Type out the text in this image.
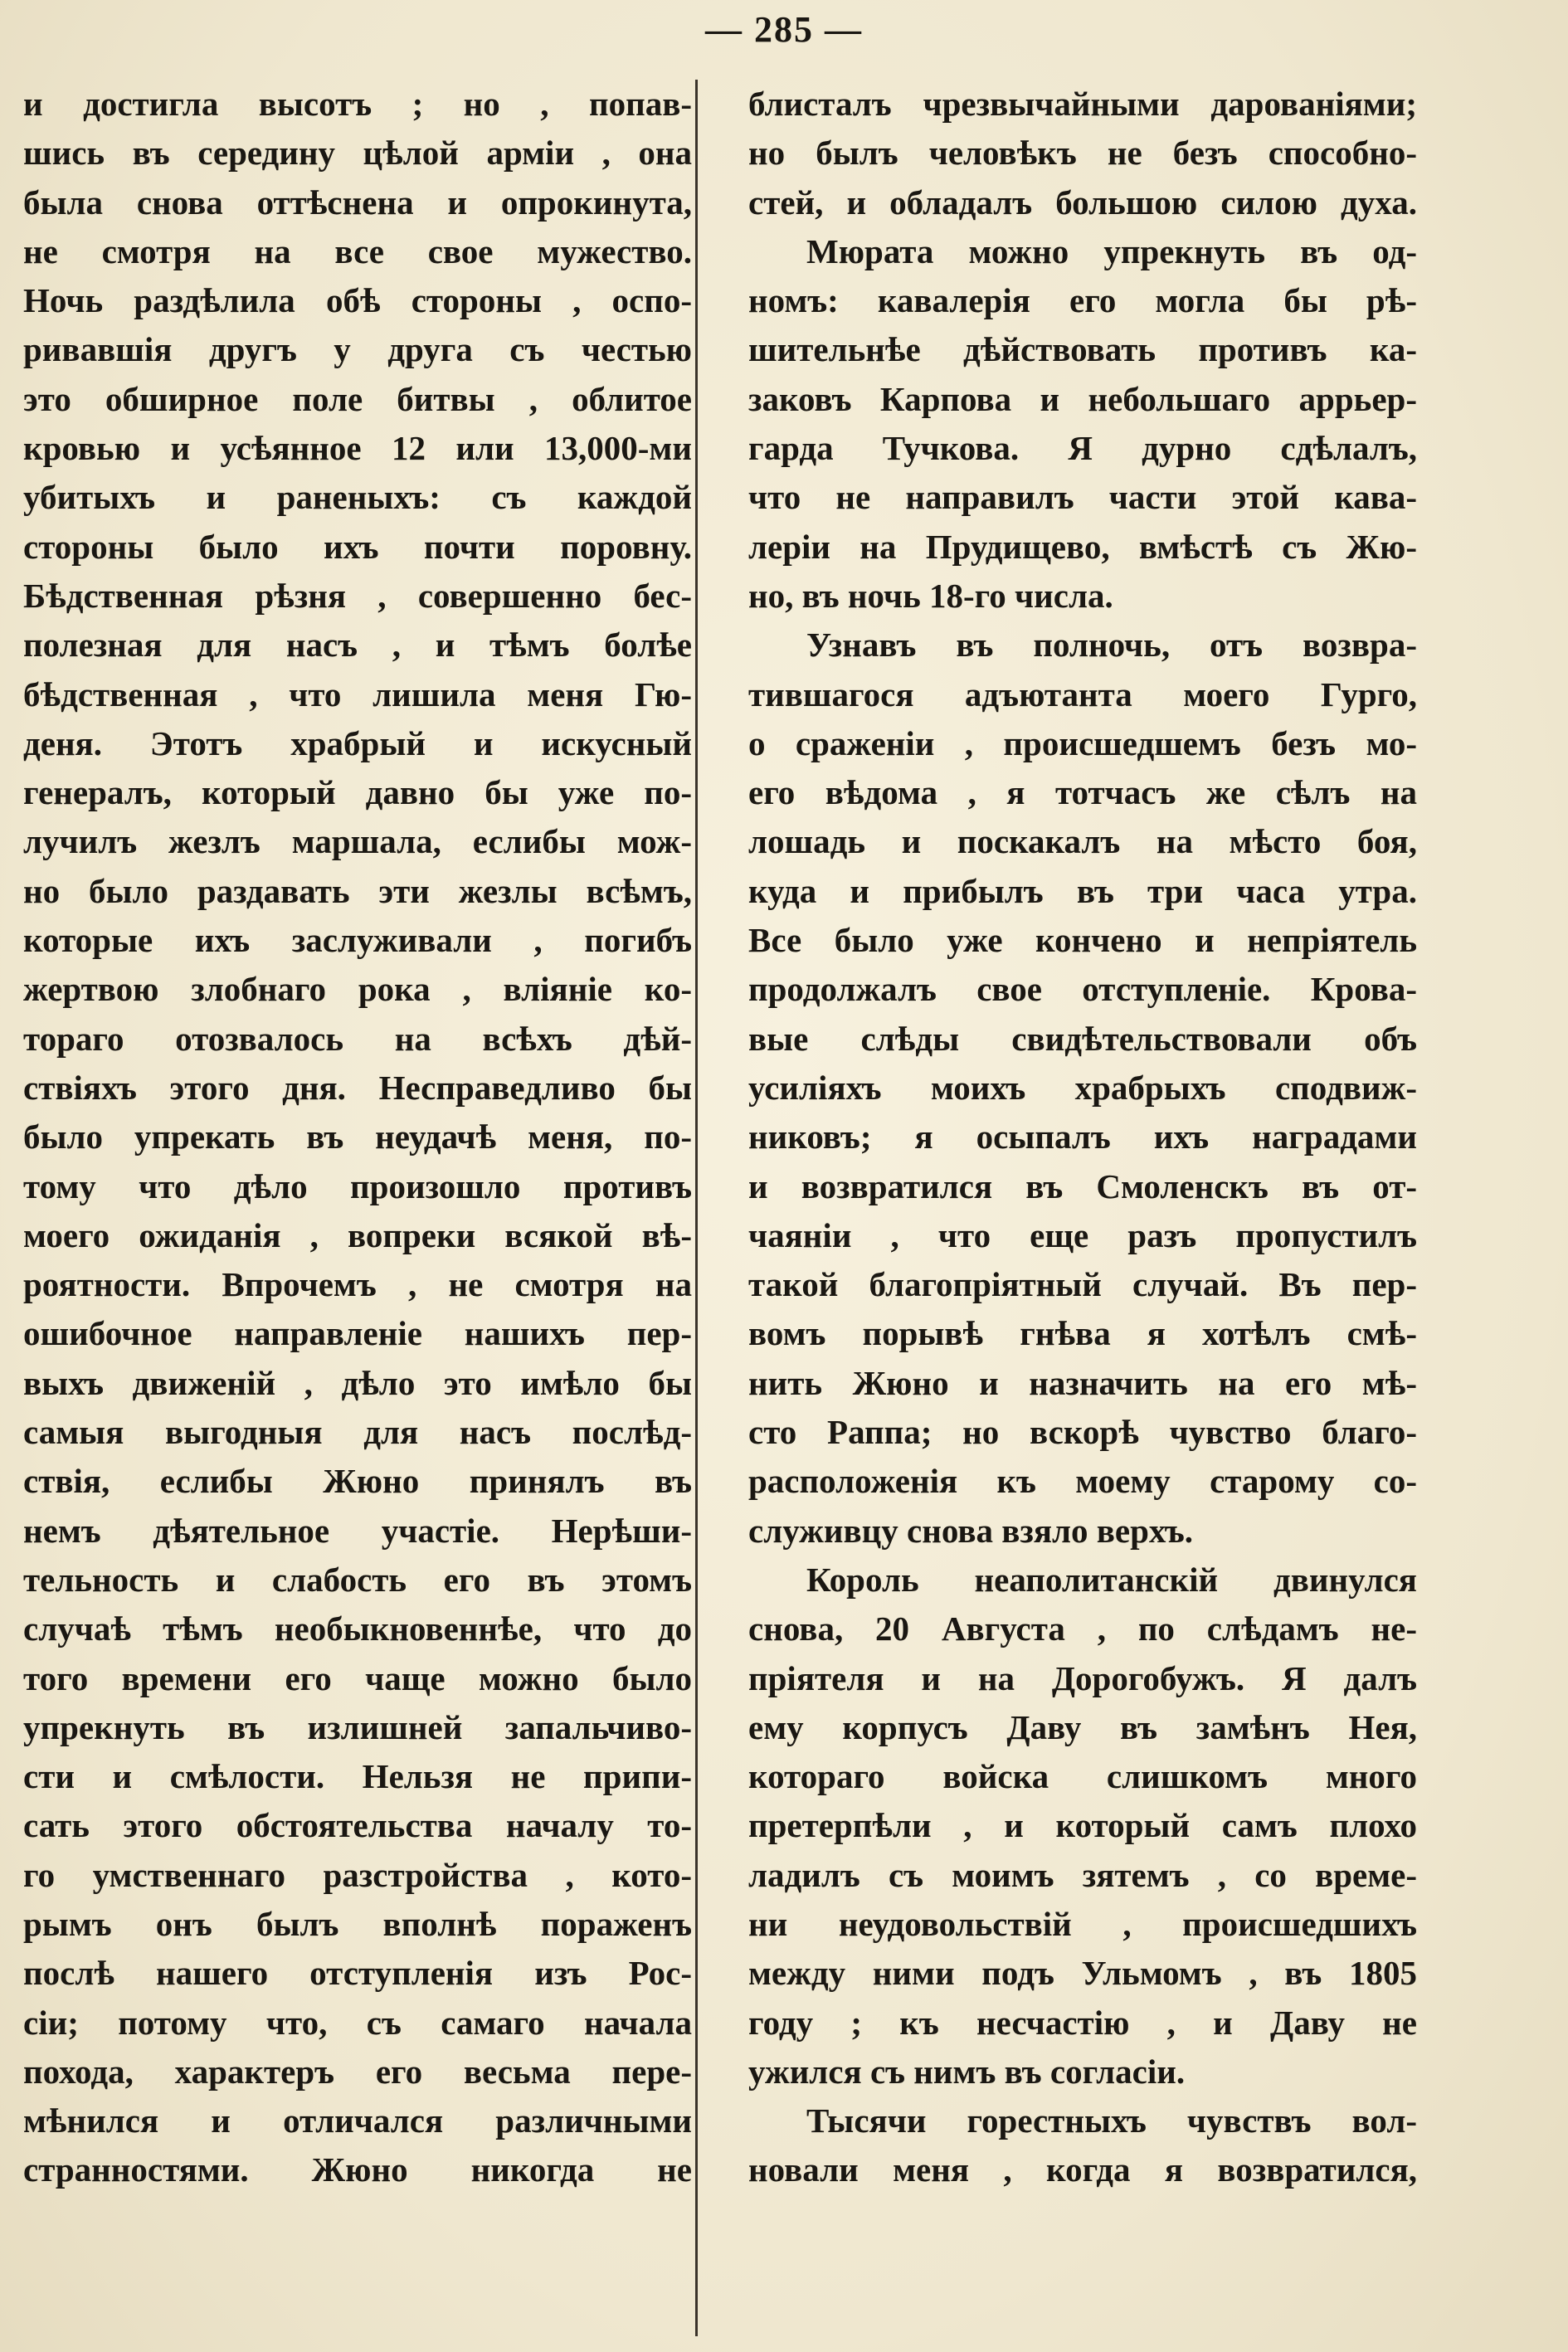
— 285 —
и достигла высотъ ; но , попав-
шись въ середину цѣлой арміи , она
была снова оттѣснена и опрокинута,
не смотря на все свое мужество.
Ночь раздѣлила обѣ стороны , оспо-
ривавшія другъ у друга съ честью
это обширное поле битвы , облитое
кровью и усѣянное 12 или 13,000-ми
убитыхъ и раненыхъ: съ каждой
стороны было ихъ почти поровну.
Бѣдственная рѣзня , совершенно бес-
полезная для насъ , и тѣмъ болѣе
бѣдственная , что лишила меня Гю-
деня. Этотъ храбрый и искусный
генералъ, который давно бы уже по-
лучилъ жезлъ маршала, еслибы мож-
но было раздавать эти жезлы всѣмъ,
которые ихъ заслуживали , погибъ
жертвою злобнаго рока , вліяніе ко-
тораго отозвалось на всѣхъ дѣй-
ствіяхъ этого дня. Несправедливо бы
было упрекать въ неудачѣ меня, по-
тому что дѣло произошло противъ
моего ожиданія , вопреки всякой вѣ-
роятности. Впрочемъ , не смотря на
ошибочное направленіе нашихъ пер-
выхъ движеній , дѣло это имѣло бы
самыя выгодныя для насъ послѣд-
ствія, еслибы Жюно принялъ въ
немъ дѣятельное участіе. Нерѣши-
тельность и слабость его въ этомъ
случаѣ тѣмъ необыкновеннѣе, что до
того времени его чаще можно было
упрекнуть въ излишней запальчиво-
сти и смѣлости. Нельзя не припи-
сать этого обстоятельства началу то-
го умственнаго разстройства , кото-
рымъ онъ былъ вполнѣ пораженъ
послѣ нашего отступленія изъ Рос-
сіи; потому что, съ самаго начала
похода, характеръ его весьма пере-
мѣнился и отличался различными
странностями. Жюно никогда не
блисталъ чрезвычайными дарованіями;
но былъ человѣкъ не безъ способно-
стей, и обладалъ большою силою духа.
Мюрата можно упрекнуть въ од-
номъ: кавалерія его могла бы рѣ-
шительнѣе дѣйствовать противъ ка-
заковъ Карпова и небольшаго аррьер-
гарда Тучкова. Я дурно сдѣлалъ,
что не направилъ части этой кава-
леріи на Прудищево, вмѣстѣ съ Жю-
но, въ ночь 18-го числа.
Узнавъ въ полночь, отъ возвра-
тившагося адъютанта моего Гурго,
о сраженіи , происшедшемъ безъ мо-
его вѣдома , я тотчасъ же сѣлъ на
лошадь и поскакалъ на мѣсто боя,
куда и прибылъ въ три часа утра.
Все было уже кончено и непріятель
продолжалъ свое отступленіе. Крова-
вые слѣды свидѣтельствовали объ
усиліяхъ моихъ храбрыхъ сподвиж-
никовъ; я осыпалъ ихъ наградами
и возвратился въ Смоленскъ въ от-
чаяніи , что еще разъ пропустилъ
такой благопріятный случай. Въ пер-
вомъ порывѣ гнѣва я хотѣлъ смѣ-
нить Жюно и назначить на его мѣ-
сто Раппа; но вскорѣ чувство благо-
расположенія къ моему старому со-
служивцу снова взяло верхъ.
Король неаполитанскій двинулся
снова, 20 Августа , по слѣдамъ не-
пріятеля и на Дорогобужъ. Я далъ
ему корпусъ Даву въ замѣнъ Нея,
котораго войска слишкомъ много
претерпѣли , и который самъ плохо
ладилъ съ моимъ зятемъ , со време-
ни неудовольствій , происшедшихъ
между ними подъ Ульмомъ , въ 1805
году ; къ несчастію , и Даву не
ужился съ нимъ въ согласіи.
Тысячи горестныхъ чувствъ вол-
новали меня , когда я возвратился,
